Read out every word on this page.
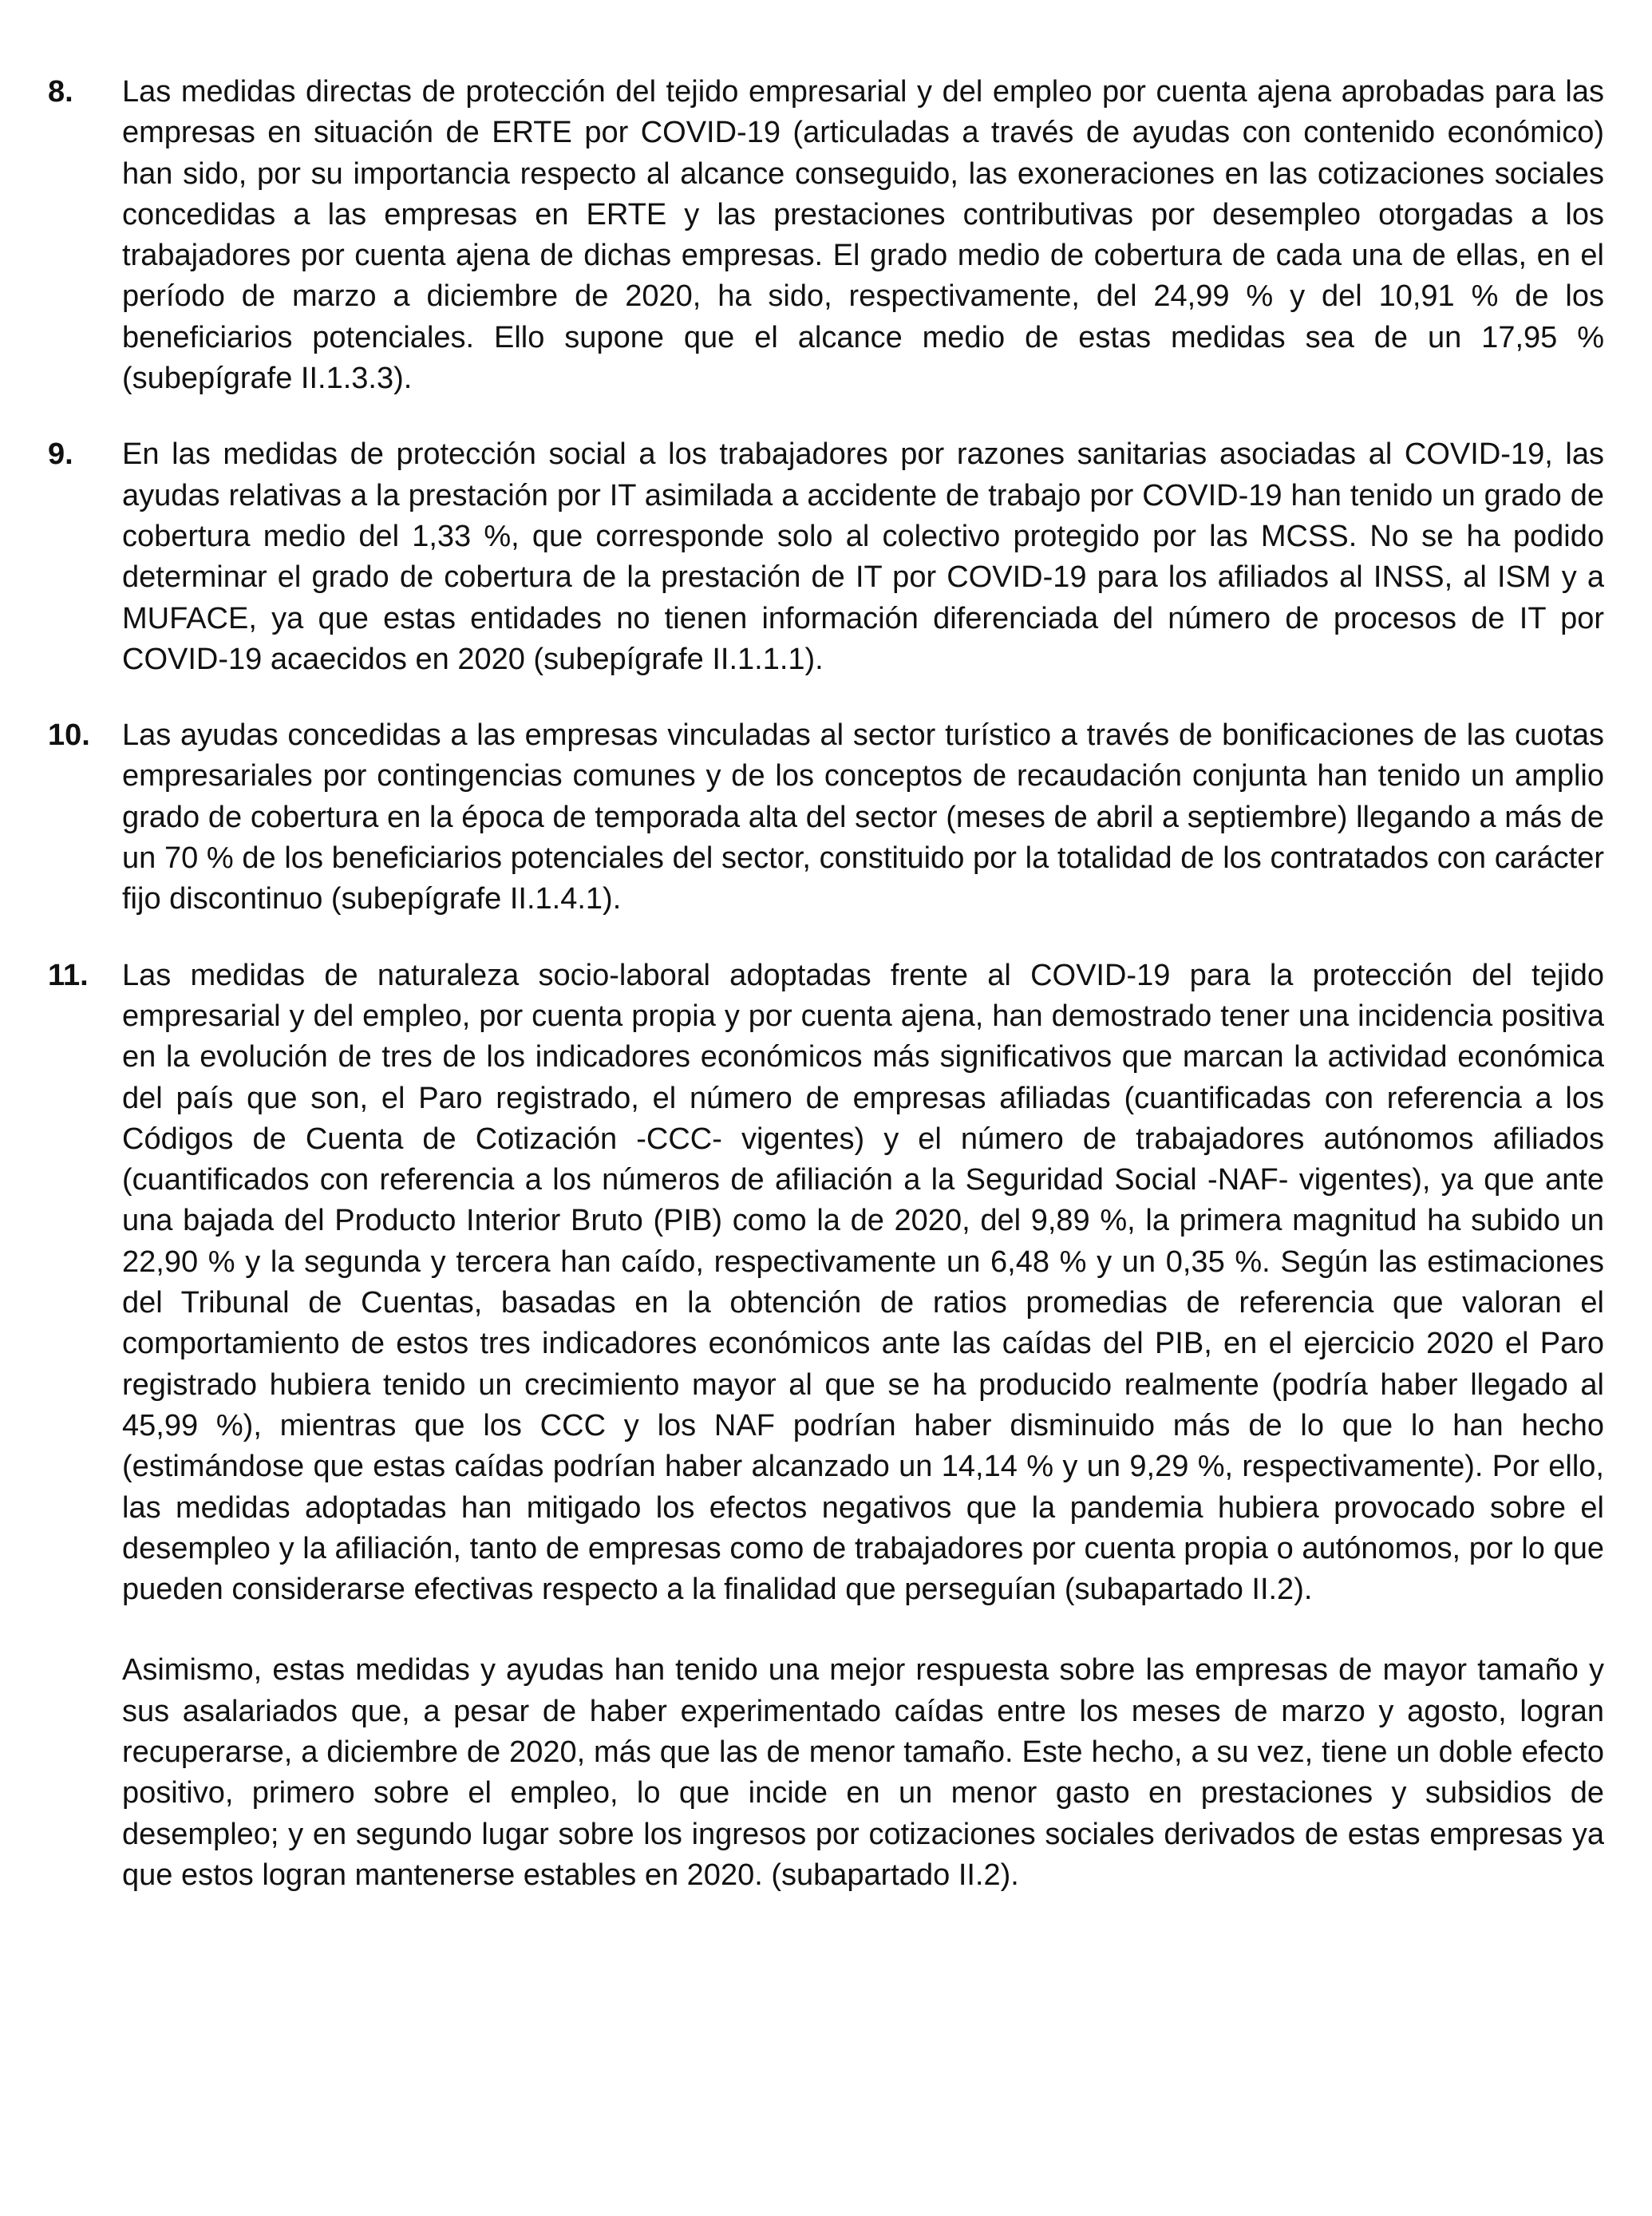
8.	Las medidas directas de protección del tejido empresarial y del empleo por cuenta ajena aprobadas para las empresas en situación de ERTE por COVID-19 (articuladas a través de ayudas con contenido económico) han sido, por su importancia respecto al alcance conseguido, las exoneraciones en las cotizaciones sociales concedidas a las empresas en ERTE y las prestaciones contributivas por desempleo otorgadas a los trabajadores por cuenta ajena de dichas empresas. El grado medio de cobertura de cada una de ellas, en el período de marzo a diciembre de 2020, ha sido, respectivamente, del 24,99 % y del 10,91 % de los beneficiarios potenciales. Ello supone que el alcance medio de estas medidas sea de un 17,95 % (subepígrafe II.1.3.3).

9.	En las medidas de protección social a los trabajadores por razones sanitarias asociadas al COVID-19, las ayudas relativas a la prestación por IT asimilada a accidente de trabajo por COVID-19 han tenido un grado de cobertura medio del 1,33 %, que corresponde solo al colectivo protegido por las MCSS. No se ha podido determinar el grado de cobertura de la prestación de IT por COVID-19 para los afiliados al INSS, al ISM y a MUFACE, ya que estas entidades no tienen información diferenciada del número de procesos de IT por COVID-19 acaecidos en 2020 (subepígrafe II.1.1.1).

10.	Las ayudas concedidas a las empresas vinculadas al sector turístico a través de bonificaciones de las cuotas empresariales por contingencias comunes y de los conceptos de recaudación conjunta han tenido un amplio grado de cobertura en la época de temporada alta del sector (meses de abril a septiembre) llegando a más de un 70 % de los beneficiarios potenciales del sector, constituido por la totalidad de los contratados con carácter fijo discontinuo (subepígrafe II.1.4.1).

11.	Las medidas de naturaleza socio-laboral adoptadas frente al COVID-19 para la protección del tejido empresarial y del empleo, por cuenta propia y por cuenta ajena, han demostrado tener una incidencia positiva en la evolución de tres de los indicadores económicos más significativos que marcan la actividad económica del país que son, el Paro registrado, el número de empresas afiliadas (cuantificadas con referencia a los Códigos de Cuenta de Cotización -CCC- vigentes) y el número de trabajadores autónomos afiliados (cuantificados con referencia a los números de afiliación a la Seguridad Social -NAF- vigentes), ya que ante una bajada del Producto Interior Bruto (PIB) como la de 2020, del 9,89 %, la primera magnitud ha subido un 22,90 % y la segunda y tercera han caído, respectivamente un 6,48 % y un 0,35 %. Según las estimaciones del Tribunal de Cuentas, basadas en la obtención de ratios promedias de referencia que valoran el comportamiento de estos tres indicadores económicos ante las caídas del PIB, en el ejercicio 2020 el Paro registrado hubiera tenido un crecimiento mayor al que se ha producido realmente (podría haber llegado al 45,99 %), mientras que los CCC y los NAF podrían haber disminuido más de lo que lo han hecho (estimándose que estas caídas podrían haber alcanzado un 14,14 % y un 9,29 %, respectivamente). Por ello, las medidas adoptadas han mitigado los efectos negativos que la pandemia hubiera provocado sobre el desempleo y la afiliación, tanto de empresas como de trabajadores por cuenta propia o autónomos, por lo que pueden considerarse efectivas respecto a la finalidad que perseguían (subapartado II.2).

Asimismo, estas medidas y ayudas han tenido una mejor respuesta sobre las empresas de mayor tamaño y sus asalariados que, a pesar de haber experimentado caídas entre los meses de marzo y agosto, logran recuperarse, a diciembre de 2020, más que las de menor tamaño. Este hecho, a su vez, tiene un doble efecto positivo, primero sobre el empleo, lo que incide en un menor gasto en prestaciones y subsidios de desempleo; y en segundo lugar sobre los ingresos por cotizaciones sociales derivados de estas empresas ya que estos logran mantenerse estables en 2020. (subapartado II.2).
